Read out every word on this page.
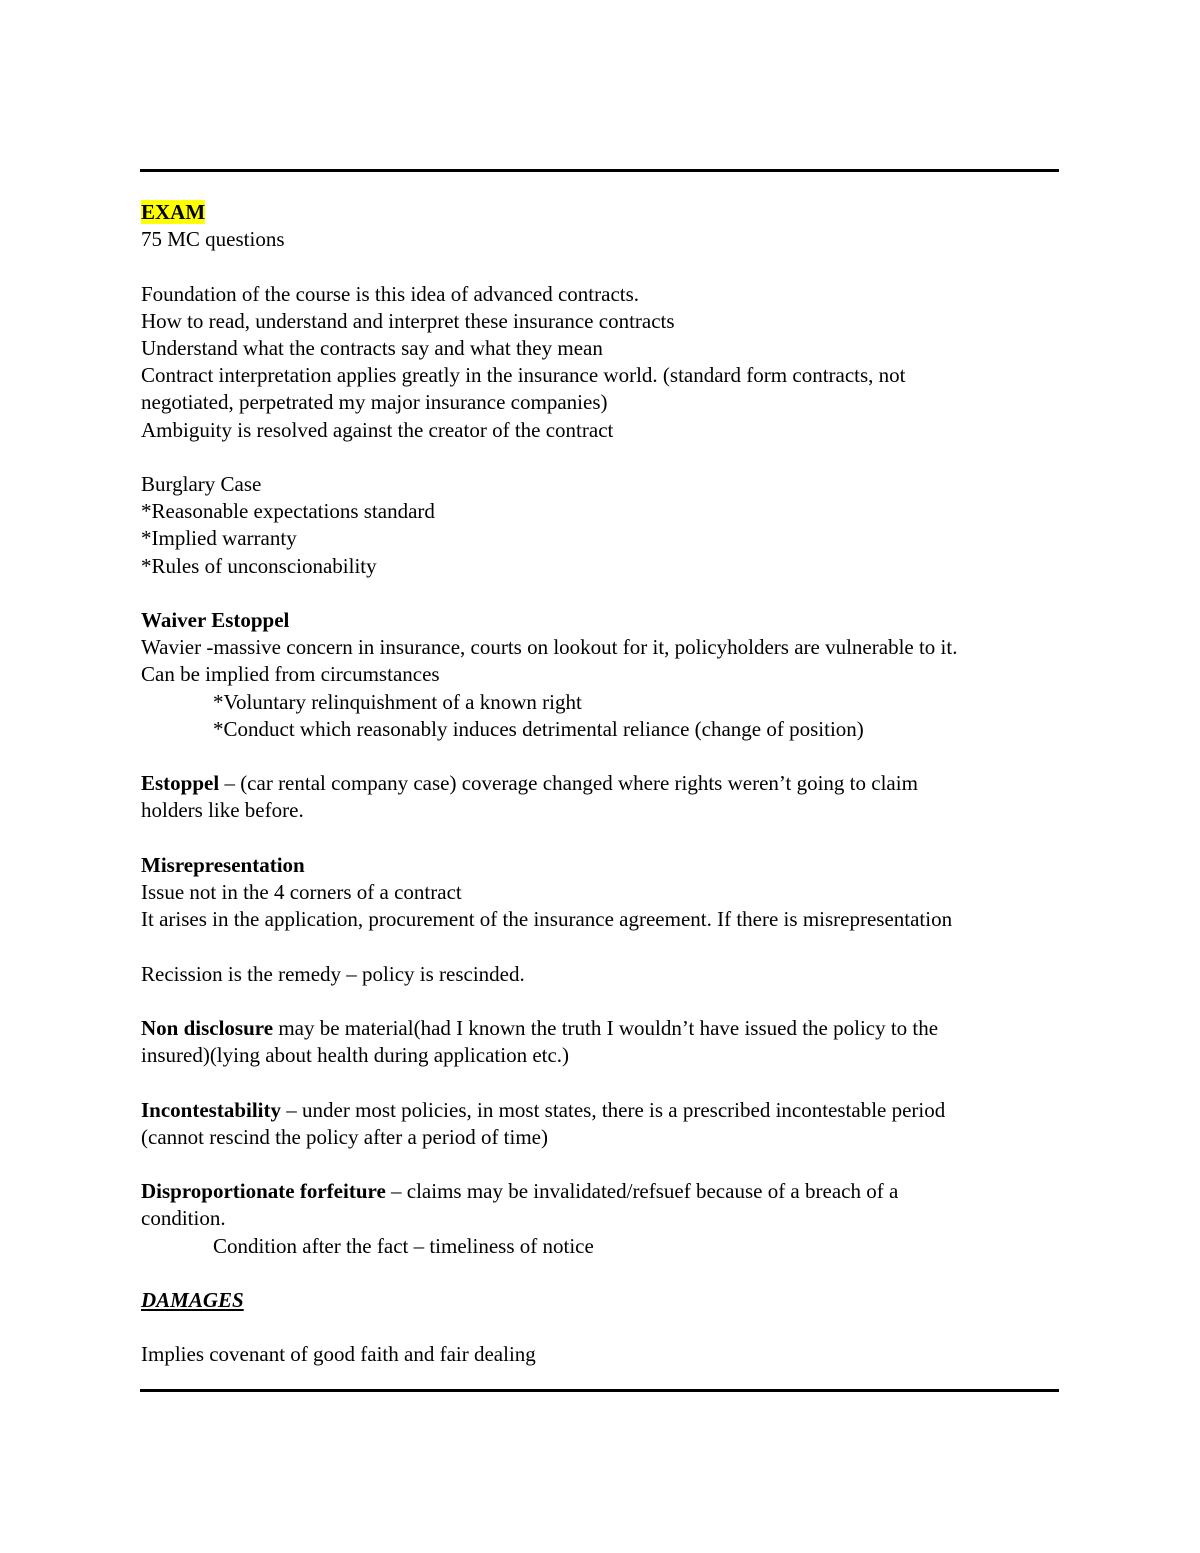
EXAM
75 MC questions
Foundation of the course is this idea of advanced contracts.
How to read, understand and interpret these insurance contracts
Understand what the contracts say and what they mean
Contract interpretation applies greatly in the insurance world. (standard form contracts, not
negotiated, perpetrated my major insurance companies)
Ambiguity is resolved against the creator of the contract
Burglary Case
*Reasonable expectations standard
*Implied warranty
*Rules of unconscionability
Waiver Estoppel
Wavier -massive concern in insurance, courts on lookout for it, policyholders are vulnerable to it.
Can be implied from circumstances
*Voluntary relinquishment of a known right
*Conduct which reasonably induces detrimental reliance (change of position)
Estoppel – (car rental company case) coverage changed where rights weren’t going to claim
holders like before.
Misrepresentation
Issue not in the 4 corners of a contract
It arises in the application, procurement of the insurance agreement. If there is misrepresentation
Recission is the remedy – policy is rescinded.
Non disclosure may be material(had I known the truth I wouldn’t have issued the policy to the
insured)(lying about health during application etc.)
Incontestability – under most policies, in most states, there is a prescribed incontestable period
(cannot rescind the policy after a period of time)
Disproportionate forfeiture – claims may be invalidated/refsuef because of a breach of a
condition.
Condition after the fact – timeliness of notice
DAMAGES
Implies covenant of good faith and fair dealing
